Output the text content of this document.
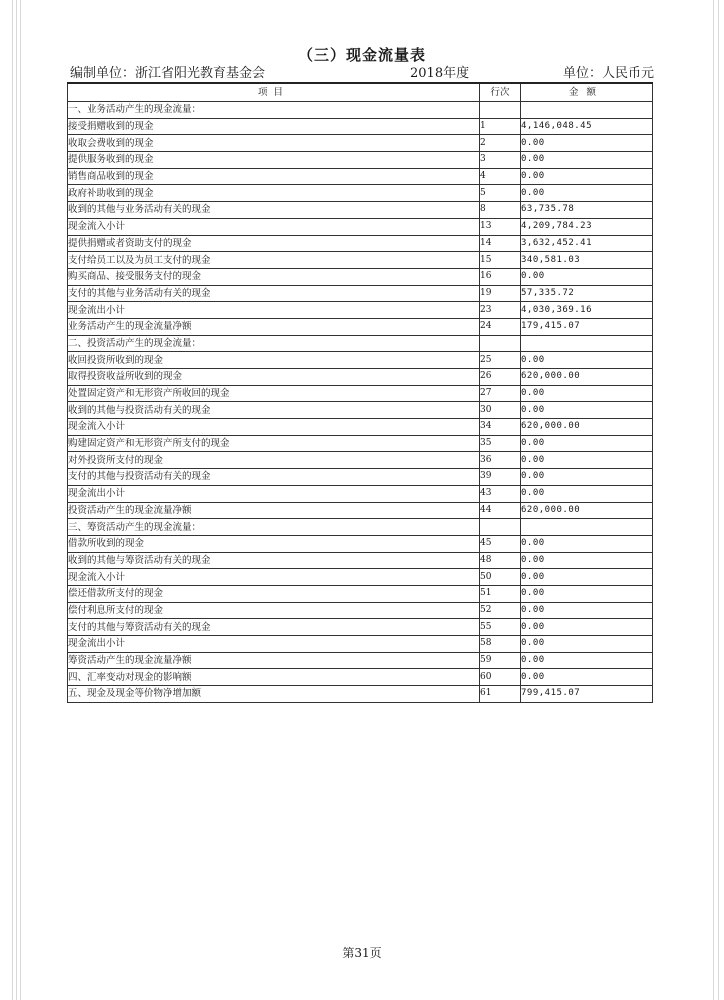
（三）现金流量表
编制单位：浙江省阳光教育基金会	2018年度	单位：人民币元
项目	行次	金额
一、业务活动产生的现金流量：		
接受捐赠收到的现金	1	4,146,048.45
收取会费收到的现金	2	0.00
提供服务收到的现金	3	0.00
销售商品收到的现金	4	0.00
政府补助收到的现金	5	0.00
收到的其他与业务活动有关的现金	8	63,735.78
现金流入小计	13	4,209,784.23
提供捐赠或者资助支付的现金	14	3,632,452.41
支付给员工以及为员工支付的现金	15	340,581.03
购买商品、接受服务支付的现金	16	0.00
支付的其他与业务活动有关的现金	19	57,335.72
现金流出小计	23	4,030,369.16
业务活动产生的现金流量净额	24	179,415.07
二、投资活动产生的现金流量：		
收回投资所收到的现金	25	0.00
取得投资收益所收到的现金	26	620,000.00
处置固定资产和无形资产所收回的现金	27	0.00
收到的其他与投资活动有关的现金	30	0.00
现金流入小计	34	620,000.00
购建固定资产和无形资产所支付的现金	35	0.00
对外投资所支付的现金	36	0.00
支付的其他与投资活动有关的现金	39	0.00
现金流出小计	43	0.00
投资活动产生的现金流量净额	44	620,000.00
三、筹资活动产生的现金流量：		
借款所收到的现金	45	0.00
收到的其他与筹资活动有关的现金	48	0.00
现金流入小计	50	0.00
偿还借款所支付的现金	51	0.00
偿付利息所支付的现金	52	0.00
支付的其他与筹资活动有关的现金	55	0.00
现金流出小计	58	0.00
筹资活动产生的现金流量净额	59	0.00
四、汇率变动对现金的影响额	60	0.00
五、现金及现金等价物净增加额	61	799,415.07
第31页
